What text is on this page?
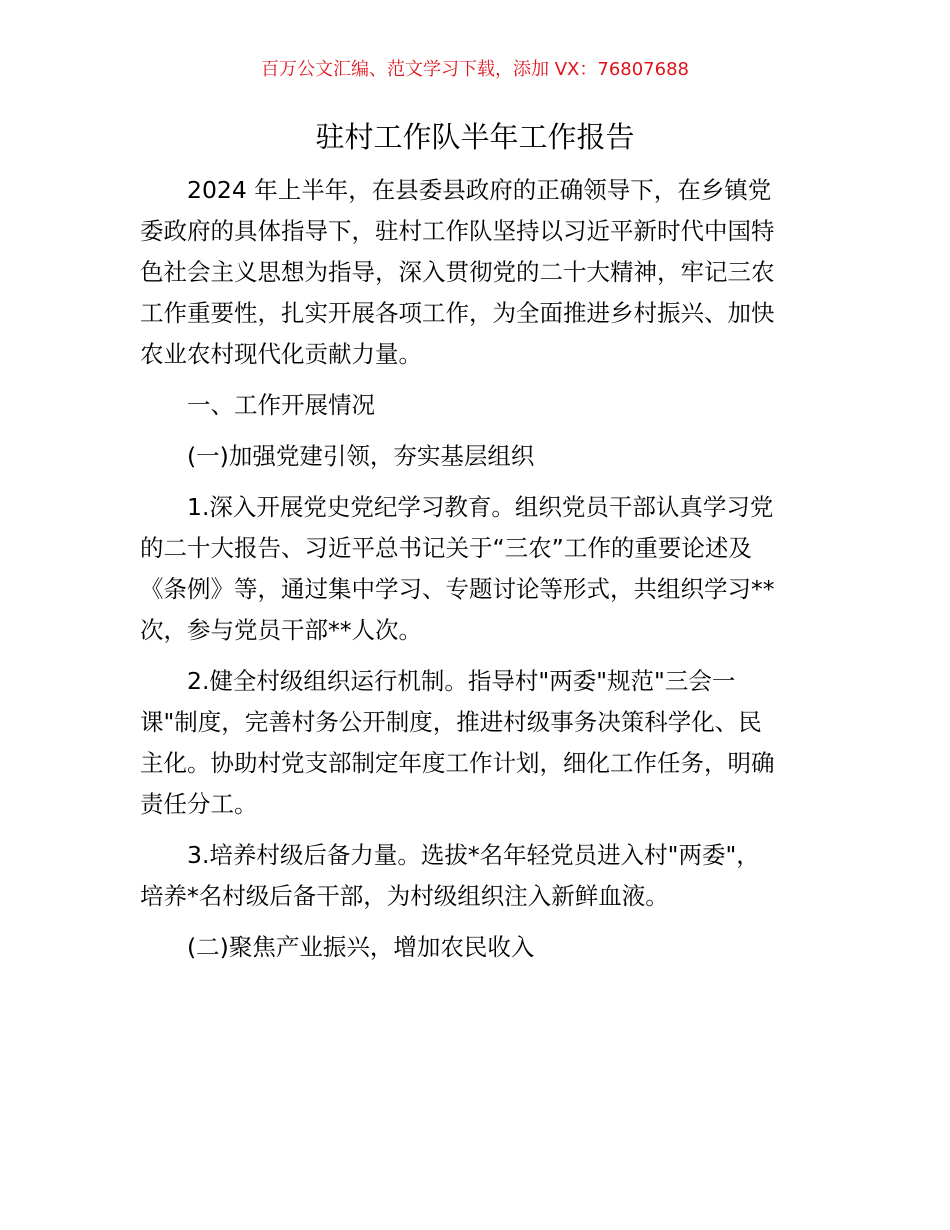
百万公文汇编、范文学习下载，添加 VX：76807688
驻村工作队半年工作报告

2024 年上半年，在县委县政府的正确领导下，在乡镇党
委政府的具体指导下，驻村工作队坚持以习近平新时代中国特
色社会主义思想为指导，深入贯彻党的二十大精神，牢记三农
工作重要性，扎实开展各项工作，为全面推进乡村振兴、加快
农业农村现代化贡献力量。

一、工作开展情况

(一)加强党建引领，夯实基层组织

1.深入开展党史党纪学习教育。组织党员干部认真学习党
的二十大报告、习近平总书记关于“三农”工作的重要论述及
《条例》等，通过集中学习、专题讨论等形式，共组织学习**
次，参与党员干部**人次。

2.健全村级组织运行机制。指导村"两委"规范"三会一
课"制度，完善村务公开制度，推进村级事务决策科学化、民
主化。协助村党支部制定年度工作计划，细化工作任务，明确
责任分工。

3.培养村级后备力量。选拔*名年轻党员进入村"两委"，
培养*名村级后备干部，为村级组织注入新鲜血液。

(二)聚焦产业振兴，增加农民收入
